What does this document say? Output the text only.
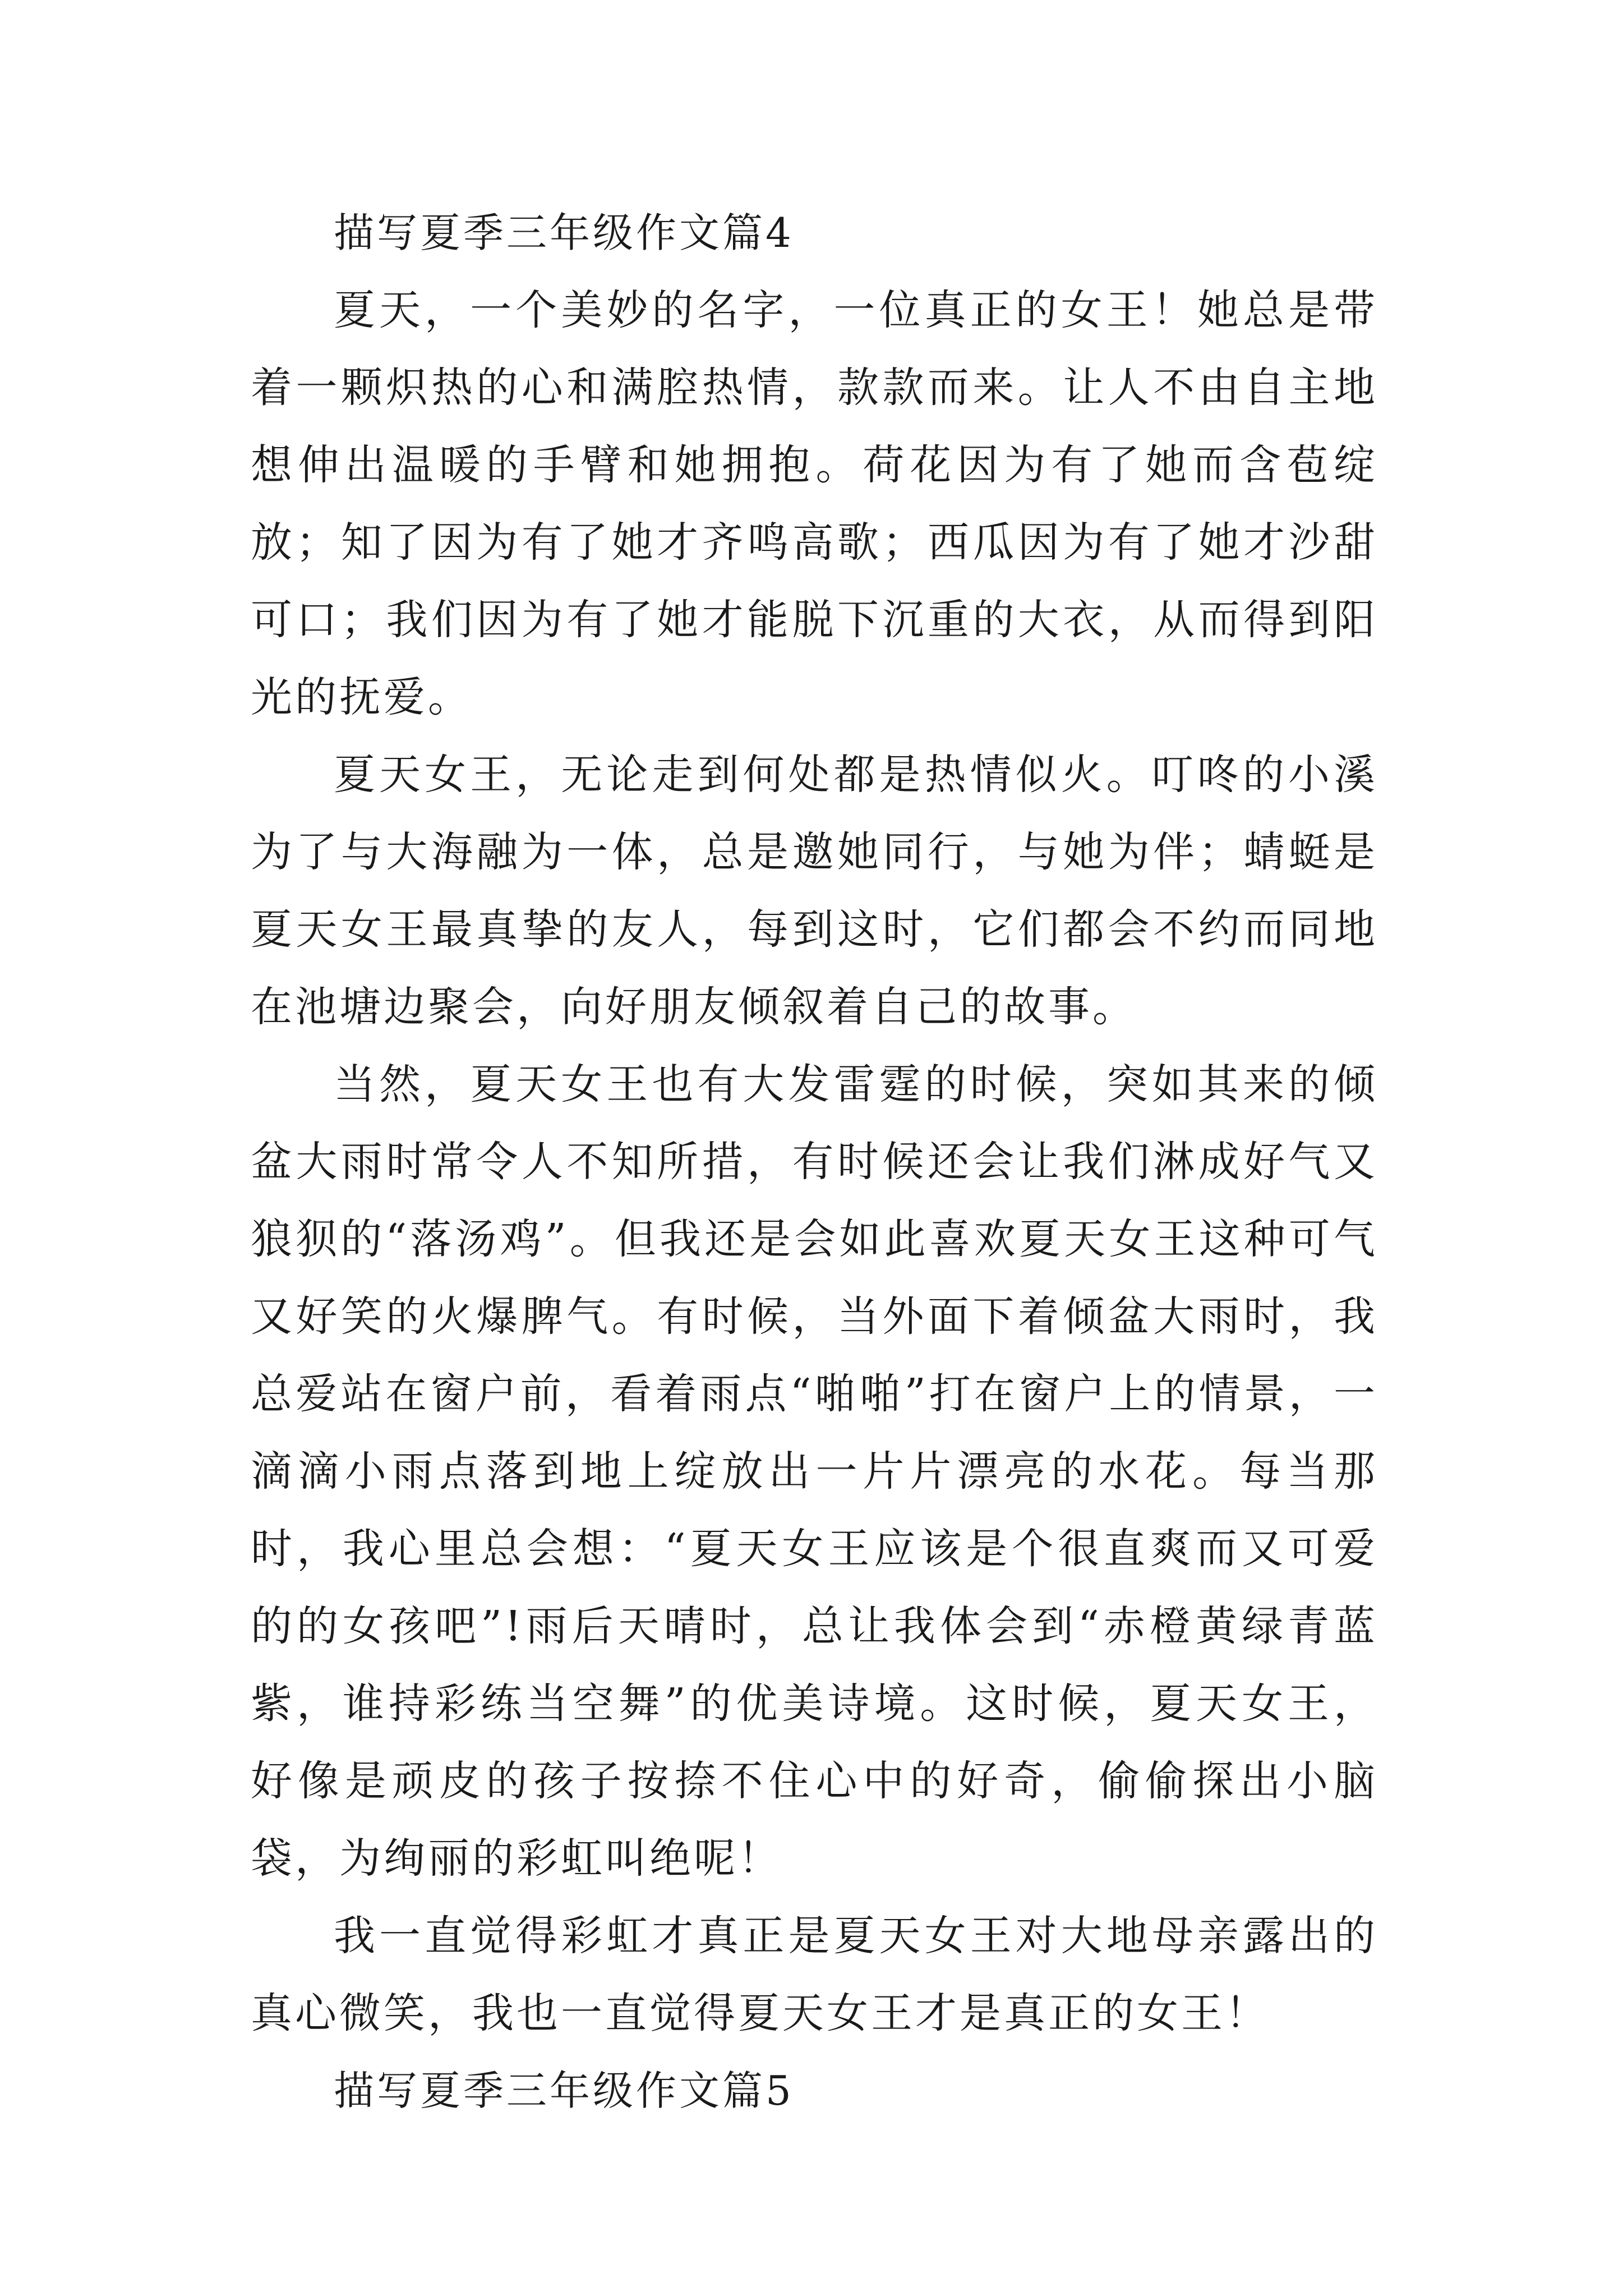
描写夏季三年级作文篇4

夏天，一个美妙的名字，一位真正的女王！她总是带着一颗炽热的心和满腔热情，款款而来。让人不由自主地想伸出温暖的手臂和她拥抱。荷花因为有了她而含苞绽放；知了因为有了她才齐鸣高歌；西瓜因为有了她才沙甜可口；我们因为有了她才能脱下沉重的大衣，从而得到阳光的抚爱。

夏天女王，无论走到何处都是热情似火。叮咚的小溪为了与大海融为一体，总是邀她同行，与她为伴；蜻蜓是夏天女王最真挚的友人，每到这时，它们都会不约而同地在池塘边聚会，向好朋友倾叙着自己的故事。

当然，夏天女王也有大发雷霆的时候，突如其来的倾盆大雨时常令人不知所措，有时候还会让我们淋成好气又狼狈的“落汤鸡”。但我还是会如此喜欢夏天女王这种可气又好笑的火爆脾气。有时候，当外面下着倾盆大雨时，我总爱站在窗户前，看着雨点“啪啪”打在窗户上的情景，一滴滴小雨点落到地上绽放出一片片漂亮的水花。每当那时，我心里总会想：“夏天女王应该是个很直爽而又可爱的的女孩吧”!雨后天晴时，总让我体会到“赤橙黄绿青蓝紫，谁持彩练当空舞”的优美诗境。这时候，夏天女王，好像是顽皮的孩子按捺不住心中的好奇，偷偷探出小脑袋，为绚丽的彩虹叫绝呢！

我一直觉得彩虹才真正是夏天女王对大地母亲露出的真心微笑，我也一直觉得夏天女王才是真正的女王！

描写夏季三年级作文篇5
